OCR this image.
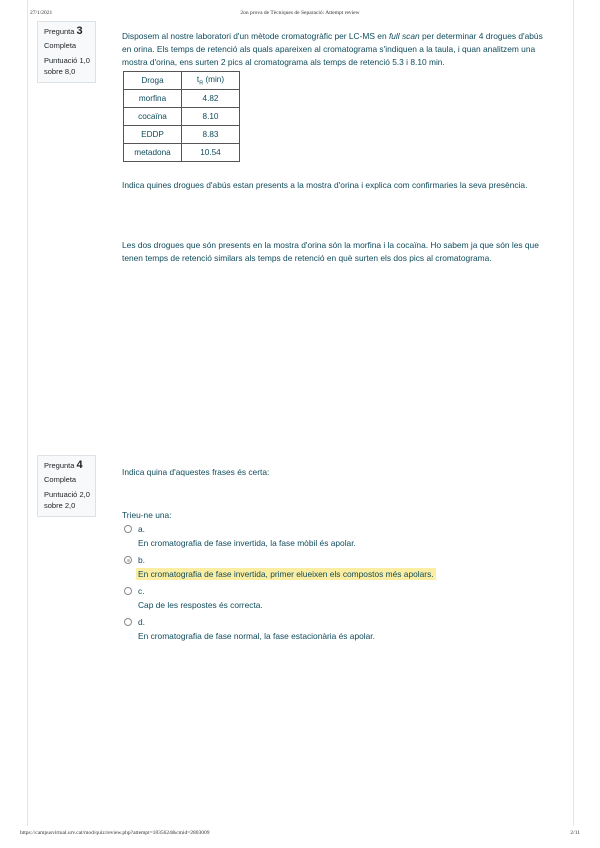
27/1/2021	2on prova de Tècniques de Separació: Attempt review
Pregunta 3
Completa
Puntuació 1,0
sobre 8,0

Disposem al nostre laboratori d'un mètode cromatogràfic per LC-MS en full scan per determinar 4 drogues d'abús en orina. Els temps de retenció als quals apareixen al cromatograma s'indiquen a la taula, i quan analitzem una mostra d'orina, ens surten 2 pics al cromatograma als temps de retenció 5.3 i 8.10 min.

Droga	$t_R$ (min)
morfina	4.82
cocaïna	8.10
EDDP	8.83
metadona	10.54
Indica quines drogues d'abús estan presents a la mostra d'orina i explica com confirmaries la seva presència.
Les dos drogues que són presents en la mostra d'orina són la morfina i la cocaïna. Ho sabem ja que són les que tenen temps de retenció similars als temps de retenció en què surten els dos pics al cromatograma.
Pregunta 4
Completa
Puntuació 2,0
sobre 2,0
Indica quina d'aquestes frases és certa:
Trieu-ne una:
a.
En cromatografia de fase invertida, la fase mòbil és apolar.
b.
En cromatografia de fase invertida, primer elueixen els compostos més apolars.
c.
Cap de les respostes és correcta.
d.
En cromatografia de fase normal, la fase estacionària és apolar.
https://campusvirtual.urv.cat/mod/quiz/review.php?attempt=1835624&cmid=2803009	2/11
